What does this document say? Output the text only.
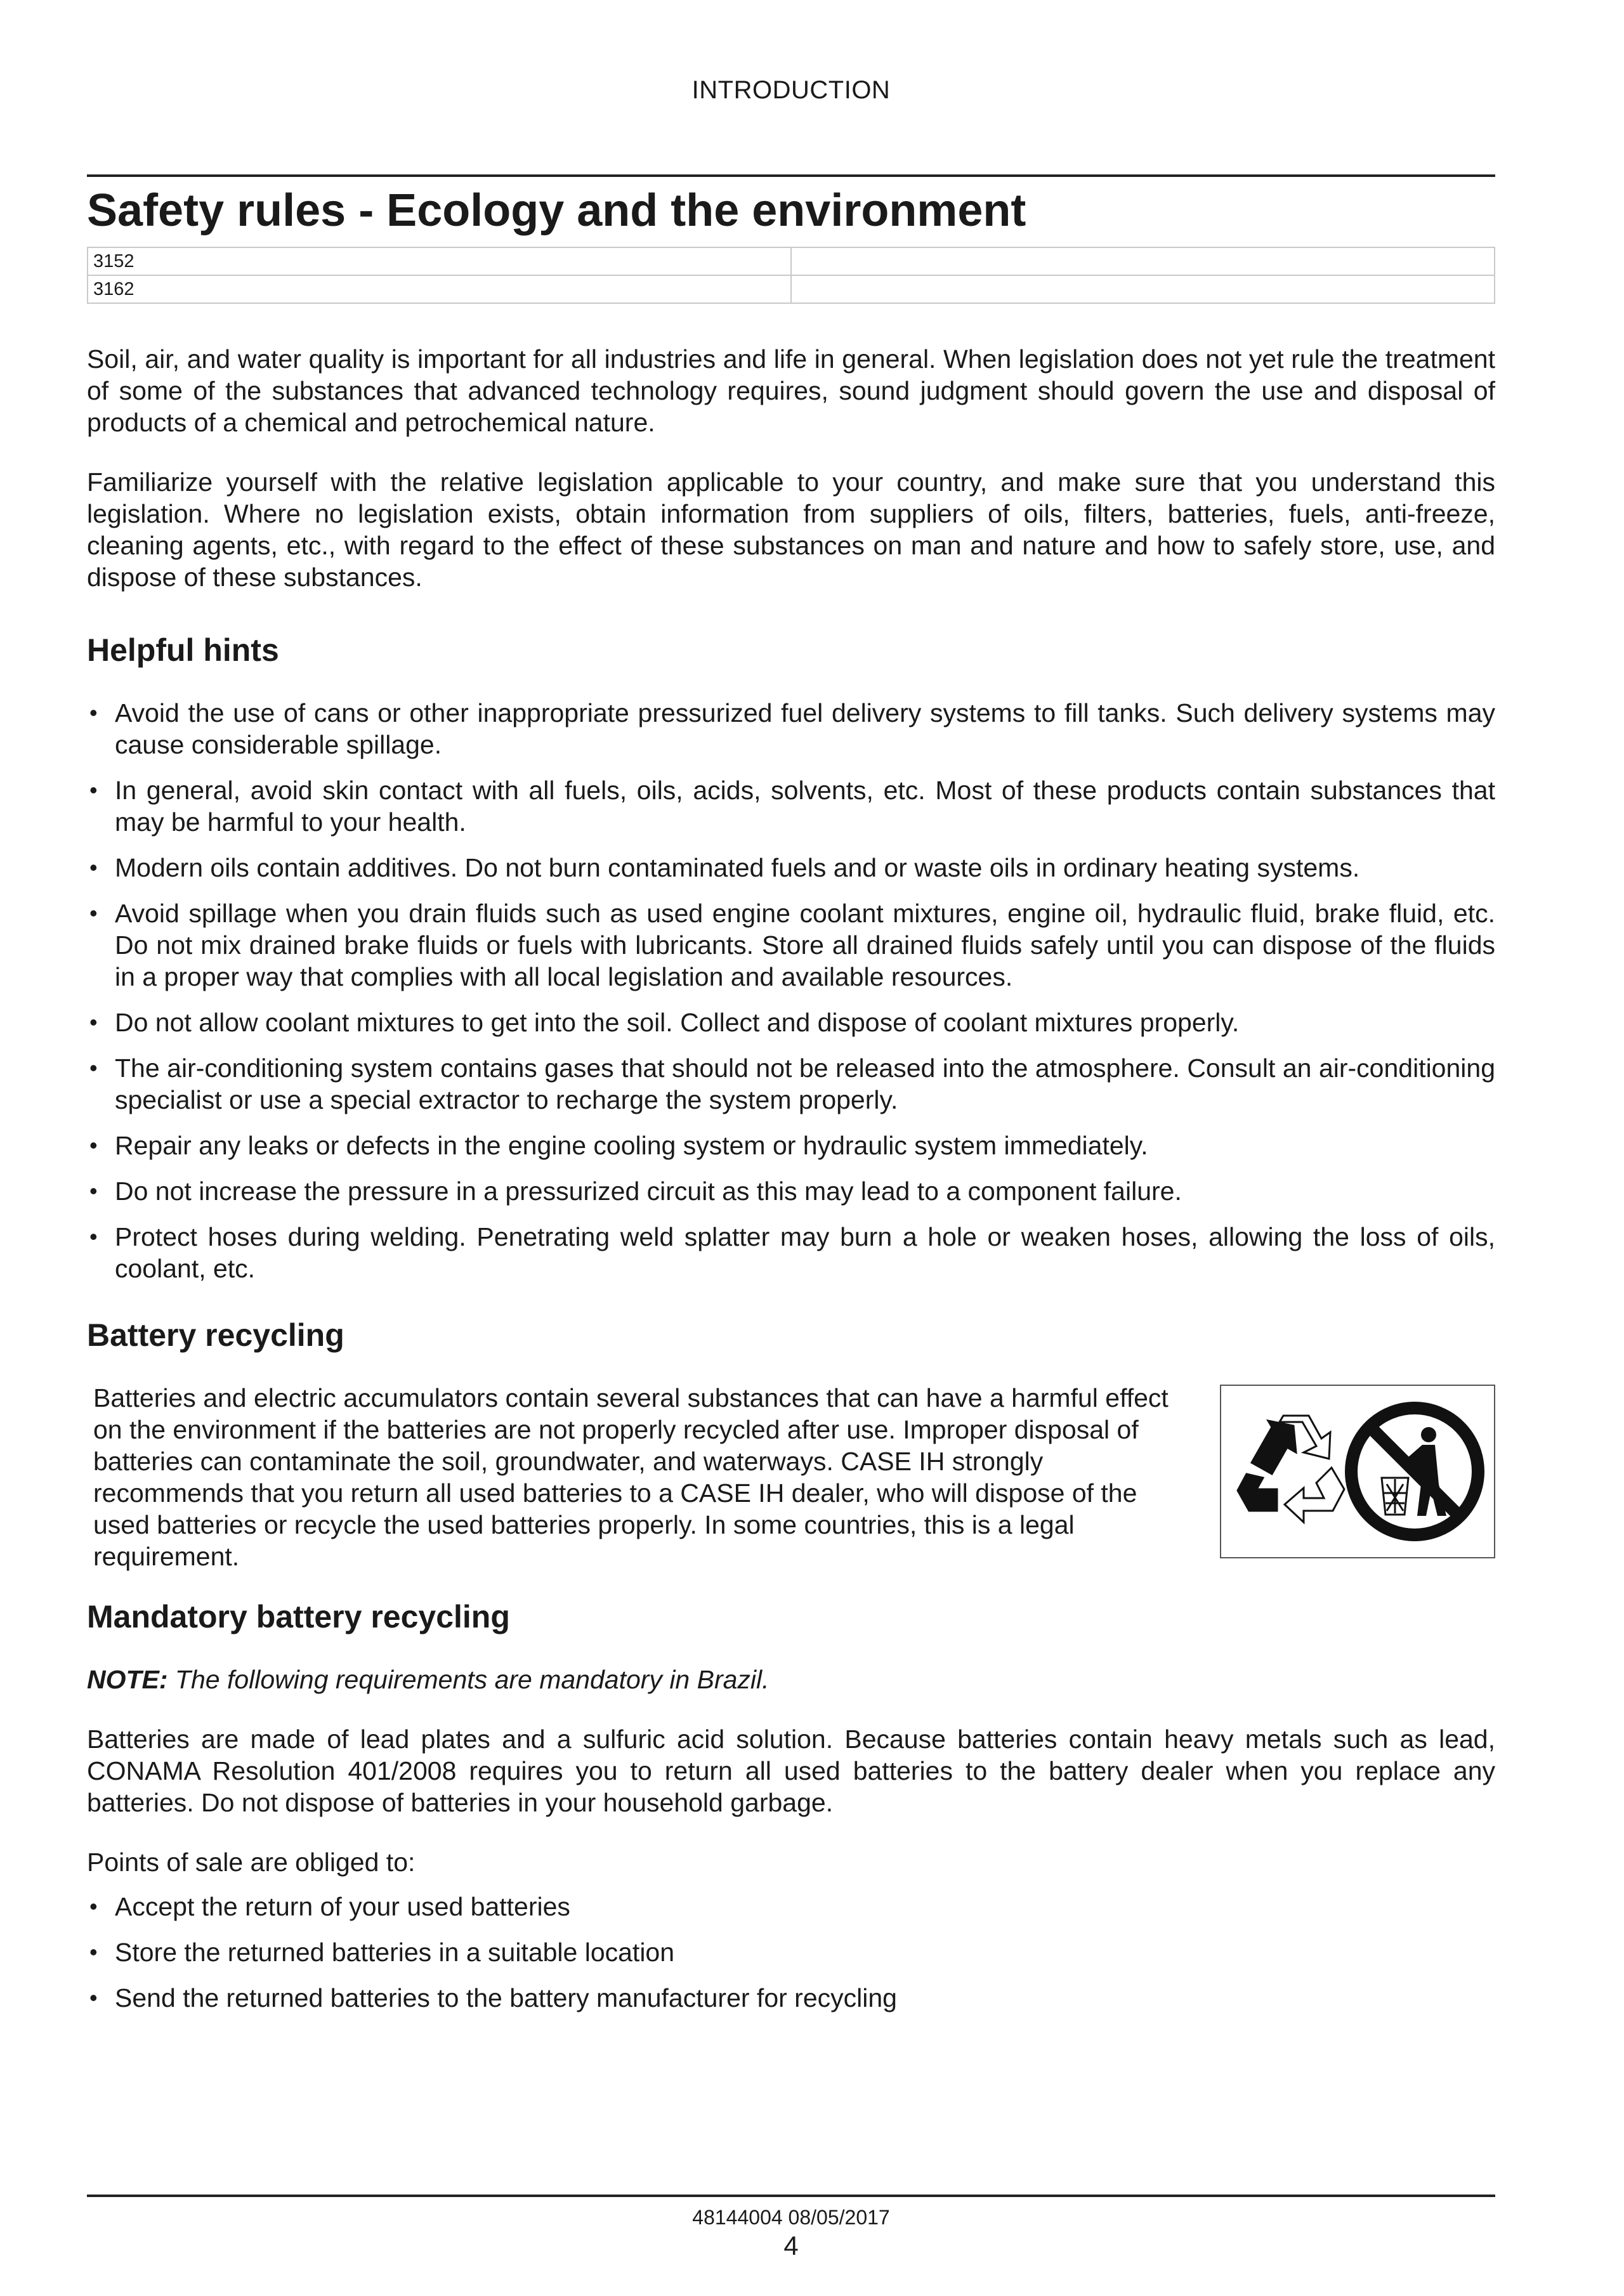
INTRODUCTION
Safety rules - Ecology and the environment
3152	
3162	

Soil, air, and water quality is important for all industries and life in general. When legislation does not yet rule the treatment of some of the substances that advanced technology requires, sound judgment should govern the use and disposal of products of a chemical and petrochemical nature.

Familiarize yourself with the relative legislation applicable to your country, and make sure that you understand this legislation. Where no legislation exists, obtain information from suppliers of oils, filters, batteries, fuels, anti-freeze, cleaning agents, etc., with regard to the effect of these substances on man and nature and how to safely store, use, and dispose of these substances.

Helpful hints
• Avoid the use of cans or other inappropriate pressurized fuel delivery systems to fill tanks. Such delivery systems may cause considerable spillage.
• In general, avoid skin contact with all fuels, oils, acids, solvents, etc. Most of these products contain substances that may be harmful to your health.
• Modern oils contain additives. Do not burn contaminated fuels and or waste oils in ordinary heating systems.
• Avoid spillage when you drain fluids such as used engine coolant mixtures, engine oil, hydraulic fluid, brake fluid, etc. Do not mix drained brake fluids or fuels with lubricants. Store all drained fluids safely until you can dispose of the fluids in a proper way that complies with all local legislation and available resources.
• Do not allow coolant mixtures to get into the soil. Collect and dispose of coolant mixtures properly.
• The air-conditioning system contains gases that should not be released into the atmosphere. Consult an air-conditioning specialist or use a special extractor to recharge the system properly.
• Repair any leaks or defects in the engine cooling system or hydraulic system immediately.
• Do not increase the pressure in a pressurized circuit as this may lead to a component failure.
• Protect hoses during welding. Penetrating weld splatter may burn a hole or weaken hoses, allowing the loss of oils, coolant, etc.
Battery recycling

Batteries and electric accumulators contain several substances that can have a harmful effect on the environment if the batteries are not properly recycled after use. Improper disposal of batteries can contaminate the soil, groundwater, and waterways. CASE IH strongly recommends that you return all used batteries to a CASE IH dealer, who will dispose of the used batteries or recycle the used batteries properly. In some countries, this is a legal requirement.

Mandatory battery recycling

NOTE: The following requirements are mandatory in Brazil.

Batteries are made of lead plates and a sulfuric acid solution. Because batteries contain heavy metals such as lead, CONAMA Resolution 401/2008 requires you to return all used batteries to the battery dealer when you replace any batteries. Do not dispose of batteries in your household garbage.

Points of sale are obliged to:

• Accept the return of your used batteries
• Store the returned batteries in a suitable location
• Send the returned batteries to the battery manufacturer for recycling
48144004 08/05/2017
4
